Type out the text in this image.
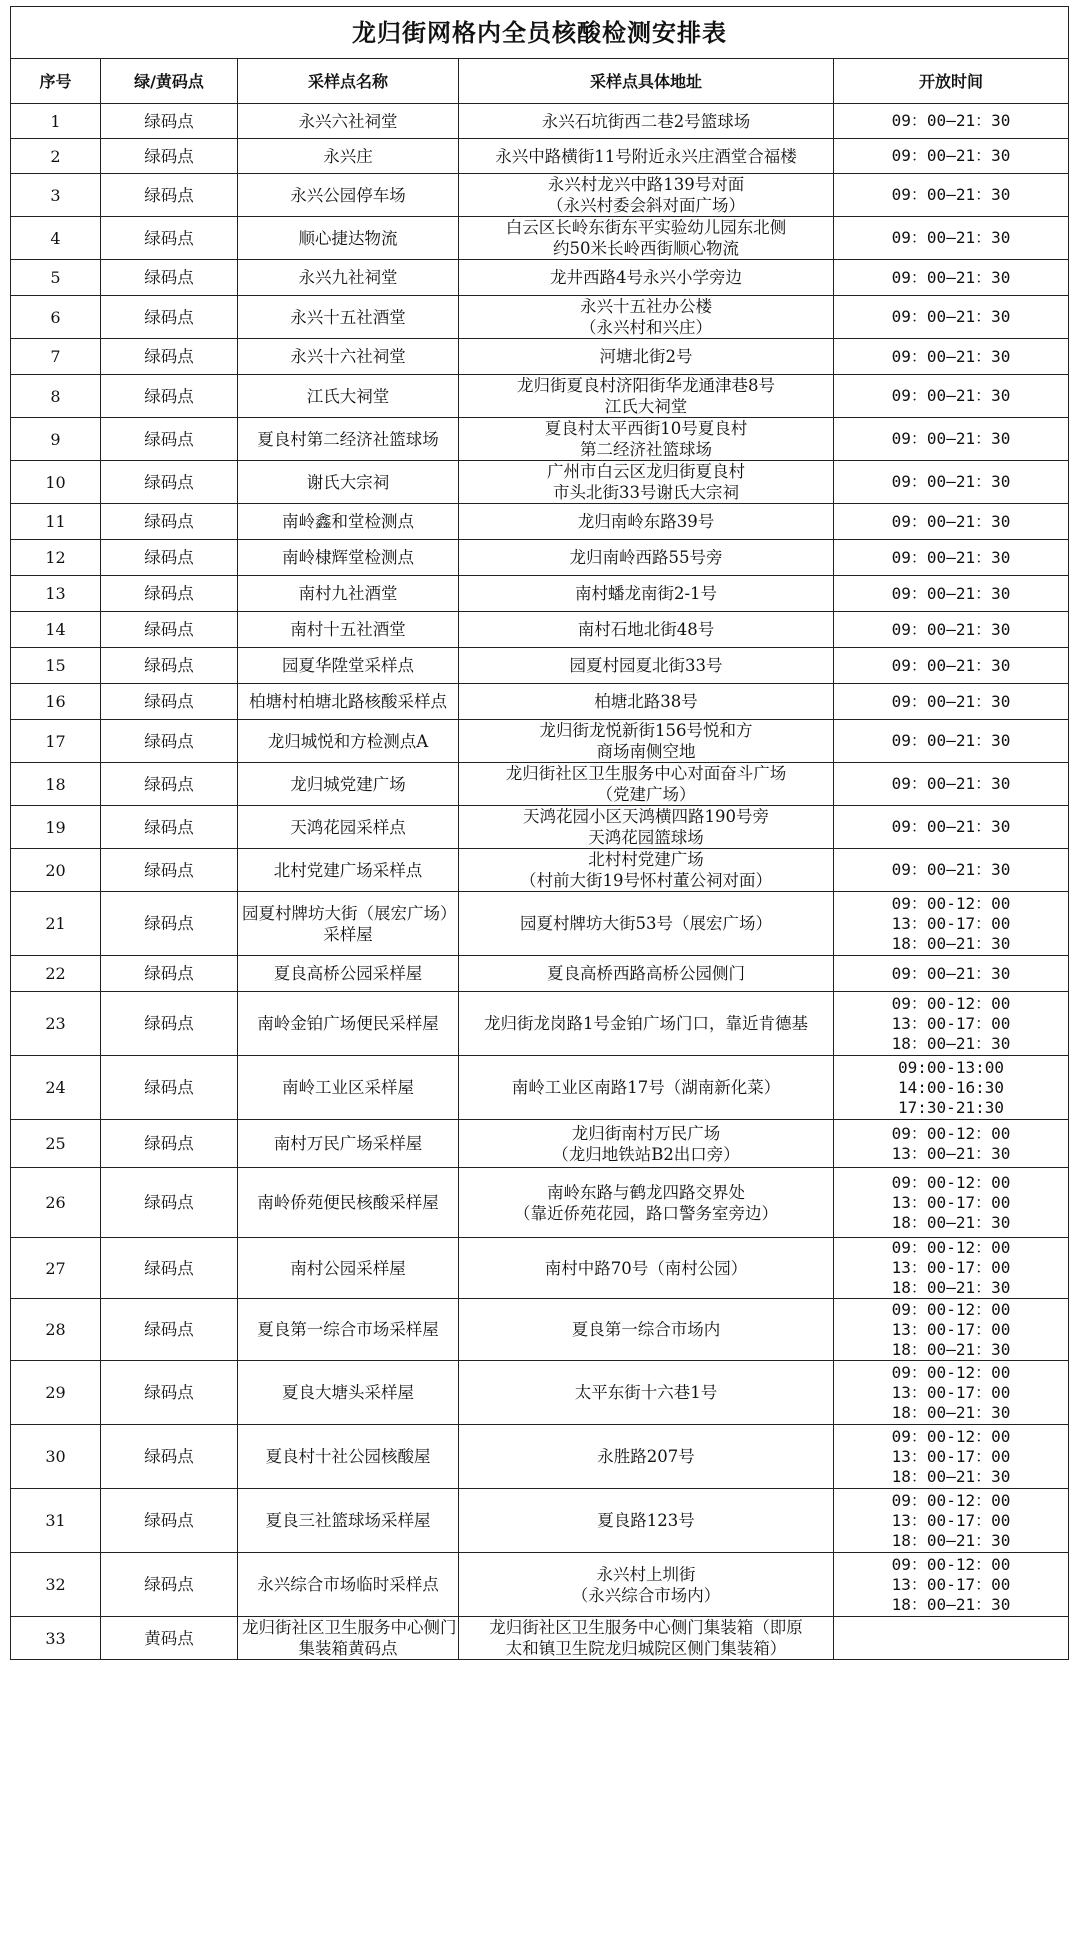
龙归街网格内全员核酸检测安排表				
序号	绿/黄码点	采样点名称	采样点具体地址	开放时间
1	绿码点	永兴六社祠堂	永兴石坑街西二巷2号篮球场	09：00—21：30

2	绿码点	永兴庄	永兴中路横街11号附近永兴庄酒堂合福楼	09：00—21：30

3	绿码点	永兴公园停车场	永兴村龙兴中路139号对面
（永兴村委会斜对面广场）	09：00—21：30

4	绿码点	顺心捷达物流	白云区长岭东街东平实验幼儿园东北侧
约50米长岭西街顺心物流	09：00—21：30

5	绿码点	永兴九社祠堂	龙井西路4号永兴小学旁边	09：00—21：30

6	绿码点	永兴十五社酒堂	永兴十五社办公楼
（永兴村和兴庄）	09：00—21：30

7	绿码点	永兴十六社祠堂	河塘北街2号	09：00—21：30

8	绿码点	江氏大祠堂	龙归街夏良村济阳街华龙通津巷8号
江氏大祠堂	09：00—21：30

9	绿码点	夏良村第二经济社篮球场	夏良村太平西街10号夏良村
第二经济社篮球场	09：00—21：30

10	绿码点	谢氏大宗祠	广州市白云区龙归街夏良村
市头北街33号谢氏大宗祠	09：00—21：30

11	绿码点	南岭鑫和堂检测点	龙归南岭东路39号	09：00—21：30

12	绿码点	南岭棣辉堂检测点	龙归南岭西路55号旁	09：00—21：30

13	绿码点	南村九社酒堂	南村蟠龙南街2-1号	09：00—21：30

14	绿码点	南村十五社酒堂	南村石地北街48号	09：00—21：30

15	绿码点	园夏华陞堂采样点	园夏村园夏北街33号	09：00—21：30

16	绿码点	柏塘村柏塘北路核酸采样点	柏塘北路38号	09：00—21：30

17	绿码点	龙归城悦和方检测点A	龙归街龙悦新街156号悦和方
商场南侧空地	09：00—21：30

18	绿码点	龙归城党建广场	龙归街社区卫生服务中心对面奋斗广场
（党建广场）	09：00—21：30

19	绿码点	天鸿花园采样点	天鸿花园小区天鸿横四路190号旁
天鸿花园篮球场	09：00—21：30

20	绿码点	北村党建广场采样点	北村村党建广场
（村前大街19号怀村董公祠对面）	09：00—21：30

21	绿码点	园夏村牌坊大街（展宏广场）
采样屋	园夏村牌坊大街53号（展宏广场）	09：00-12：00
13：00-17：00
18：00—21：30

22	绿码点	夏良高桥公园采样屋	夏良高桥西路高桥公园侧门	09：00—21：30

23	绿码点	南岭金铂广场便民采样屋	龙归街龙岗路1号金铂广场门口，靠近肯德基	09：00-12：00
13：00-17：00
18：00—21：30

24	绿码点	南岭工业区采样屋	南岭工业区南路17号（湖南新化菜）	09:00-13:00
14:00-16:30
17:30-21:30

25	绿码点	南村万民广场采样屋	龙归街南村万民广场
（龙归地铁站B2出口旁）	09：00-12：00
13：00—21：30

26	绿码点	南岭侨苑便民核酸采样屋	南岭东路与鹤龙四路交界处
（靠近侨苑花园，路口警务室旁边）	09：00-12：00
13：00-17：00
18：00—21：30

27	绿码点	南村公园采样屋	南村中路70号（南村公园）	09：00-12：00
13：00-17：00
18：00—21：30

28	绿码点	夏良第一综合市场采样屋	夏良第一综合市场内	09：00-12：00
13：00-17：00
18：00—21：30

29	绿码点	夏良大塘头采样屋	太平东街十六巷1号	09：00-12：00
13：00-17：00
18：00—21：30

30	绿码点	夏良村十社公园核酸屋	永胜路207号	09：00-12：00
13：00-17：00
18：00—21：30

31	绿码点	夏良三社篮球场采样屋	夏良路123号	09：00-12：00
13：00-17：00
18：00—21：30

32	绿码点	永兴综合市场临时采样点	永兴村上圳街
（永兴综合市场内）	09：00-12：00
13：00-17：00
18：00—21：30

33	黄码点	龙归街社区卫生服务中心侧门
集装箱黄码点	龙归街社区卫生服务中心侧门集装箱（即原
太和镇卫生院龙归城院区侧门集装箱）	
